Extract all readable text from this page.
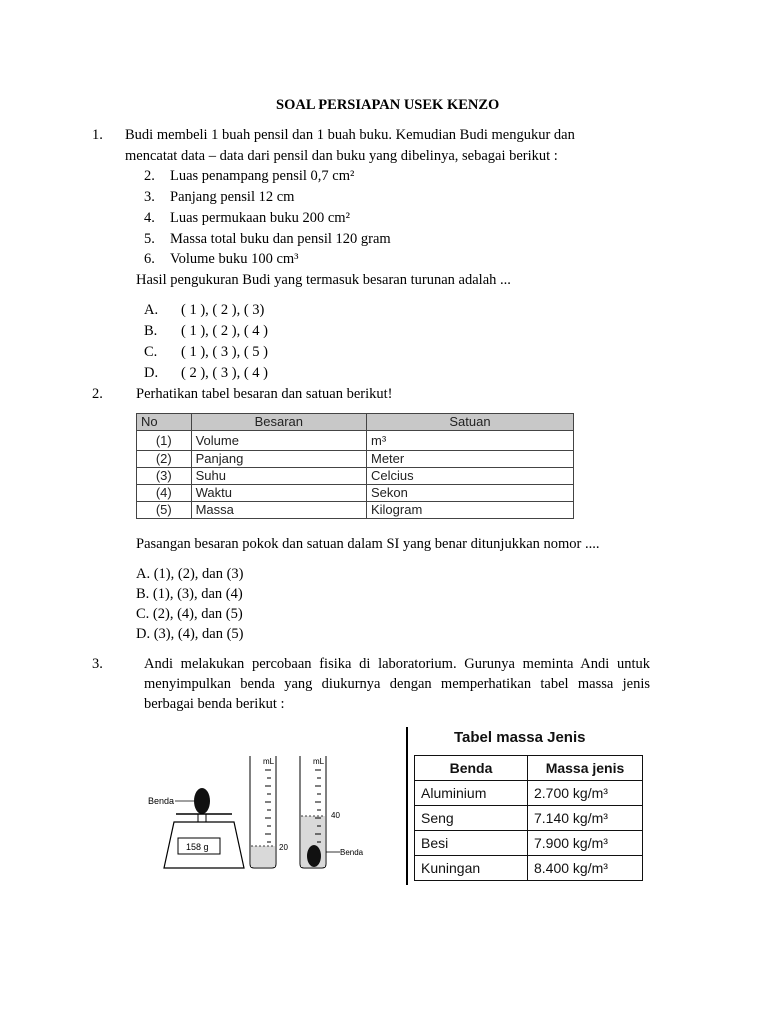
SOAL PERSIAPAN USEK KENZO
1. Budi membeli 1 buah pensil dan 1 buah buku. Kemudian Budi mengukur dan
mencatat data – data dari pensil dan buku yang dibelinya, sebagai berikut :
2. Luas penampang pensil 0,7 cm²
3. Panjang pensil 12 cm
4. Luas permukaan buku 200 cm²
5. Massa total buku dan pensil 120 gram
6. Volume buku 100 cm³
Hasil pengukuran Budi yang termasuk besaran turunan adalah ...
A. ( 1 ), ( 2 ), ( 3)
B. ( 1 ), ( 2 ), ( 4 )
C. ( 1 ), ( 3 ), ( 5 )
D. ( 2 ), ( 3 ), ( 4 )
2. Perhatikan tabel besaran dan satuan berikut!
No	Besaran	Satuan
(1)	Volume	m³
(2)	Panjang	Meter
(3)	Suhu	Celcius
(4)	Waktu	Sekon
(5)	Massa	Kilogram
Pasangan besaran pokok dan satuan dalam SI yang benar ditunjukkan nomor ....
A. (1), (2), dan (3)
B. (1), (3), dan (4)
C. (2), (4), dan (5)
D. (3), (4), dan (5)
3.	Andi melakukan percobaan fisika di laboratorium. Gurunya meminta Andi untuk
menyimpulkan benda yang diukurnya dengan memperhatikan tabel massa jenis
berbagai benda berikut :
Benda
158 g
mL
20
mL
40
Benda
Tabel massa Jenis
Benda	Massa jenis
Aluminium	2.700 kg/m³
Seng	7.140 kg/m³
Besi	7.900 kg/m³
Kuningan	8.400 kg/m³
